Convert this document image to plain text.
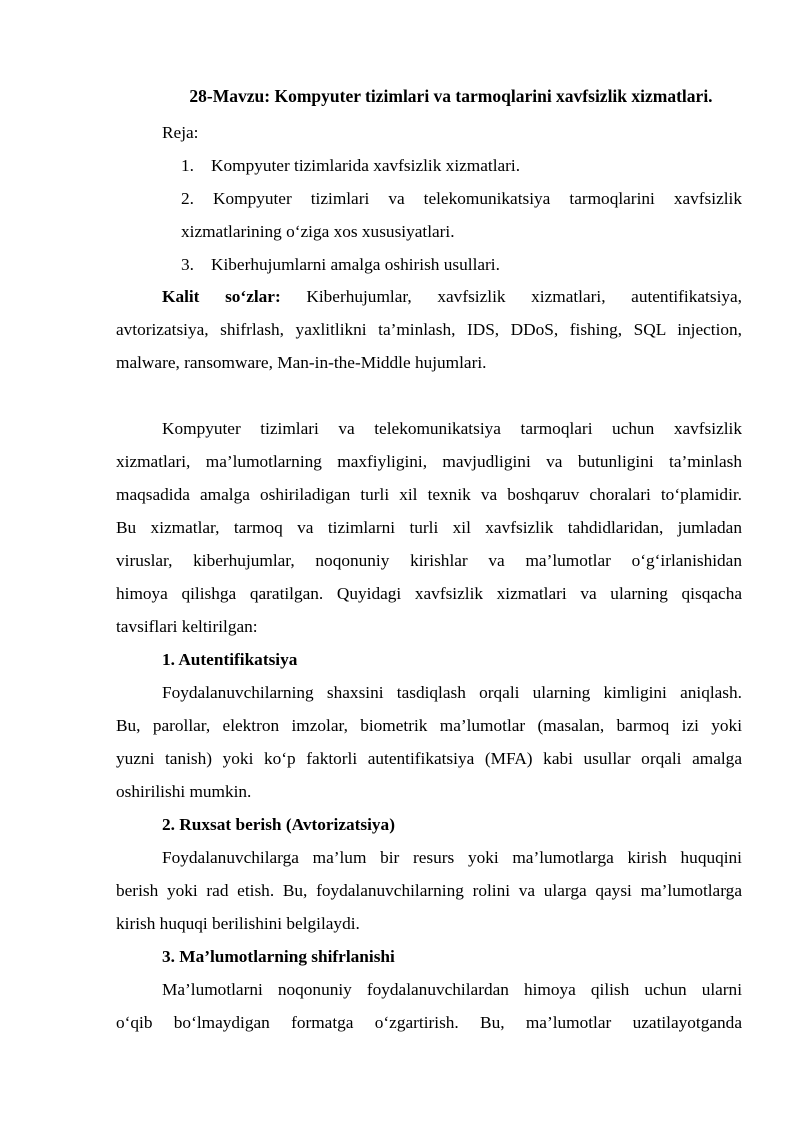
28-Mavzu: Kompyuter tizimlari va tarmoqlarini xavfsizlik xizmatlari.
Reja:
1. Kompyuter tizimlarida xavfsizlik xizmatlari.
2. Kompyuter tizimlari va telekomunikatsiya tarmoqlarini xavfsizlik
xizmatlarining o‘ziga xos xususiyatlari.
3. Kiberhujumlarni amalga oshirish usullari.
Kalit so‘zlar: Kiberhujumlar, xavfsizlik xizmatlari, autentifikatsiya,
avtorizatsiya, shifrlash, yaxlitlikni ta’minlash, IDS, DDoS, fishing, SQL injection,
malware, ransomware, Man-in-the-Middle hujumlari.
Kompyuter tizimlari va telekomunikatsiya tarmoqlari uchun xavfsizlik
xizmatlari, ma’lumotlarning maxfiyligini, mavjudligini va butunligini ta’minlash
maqsadida amalga oshiriladigan turli xil texnik va boshqaruv choralari to‘plamidir.
Bu xizmatlar, tarmoq va tizimlarni turli xil xavfsizlik tahdidlaridan, jumladan
viruslar, kiberhujumlar, noqonuniy kirishlar va ma’lumotlar o‘g‘irlanishidan
himoya qilishga qaratilgan. Quyidagi xavfsizlik xizmatlari va ularning qisqacha
tavsiflari keltirilgan:
1. Autentifikatsiya
Foydalanuvchilarning shaxsini tasdiqlash orqali ularning kimligini aniqlash.
Bu, parollar, elektron imzolar, biometrik ma’lumotlar (masalan, barmoq izi yoki
yuzni tanish) yoki ko‘p faktorli autentifikatsiya (MFA) kabi usullar orqali amalga
oshirilishi mumkin.
2. Ruxsat berish (Avtorizatsiya)
Foydalanuvchilarga ma’lum bir resurs yoki ma’lumotlarga kirish huquqini
berish yoki rad etish. Bu, foydalanuvchilarning rolini va ularga qaysi ma’lumotlarga
kirish huquqi berilishini belgilaydi.
3. Ma’lumotlarning shifrlanishi
Ma’lumotlarni noqonuniy foydalanuvchilardan himoya qilish uchun ularni
o‘qib bo‘lmaydigan formatga o‘zgartirish. Bu, ma’lumotlar uzatilayotganda
